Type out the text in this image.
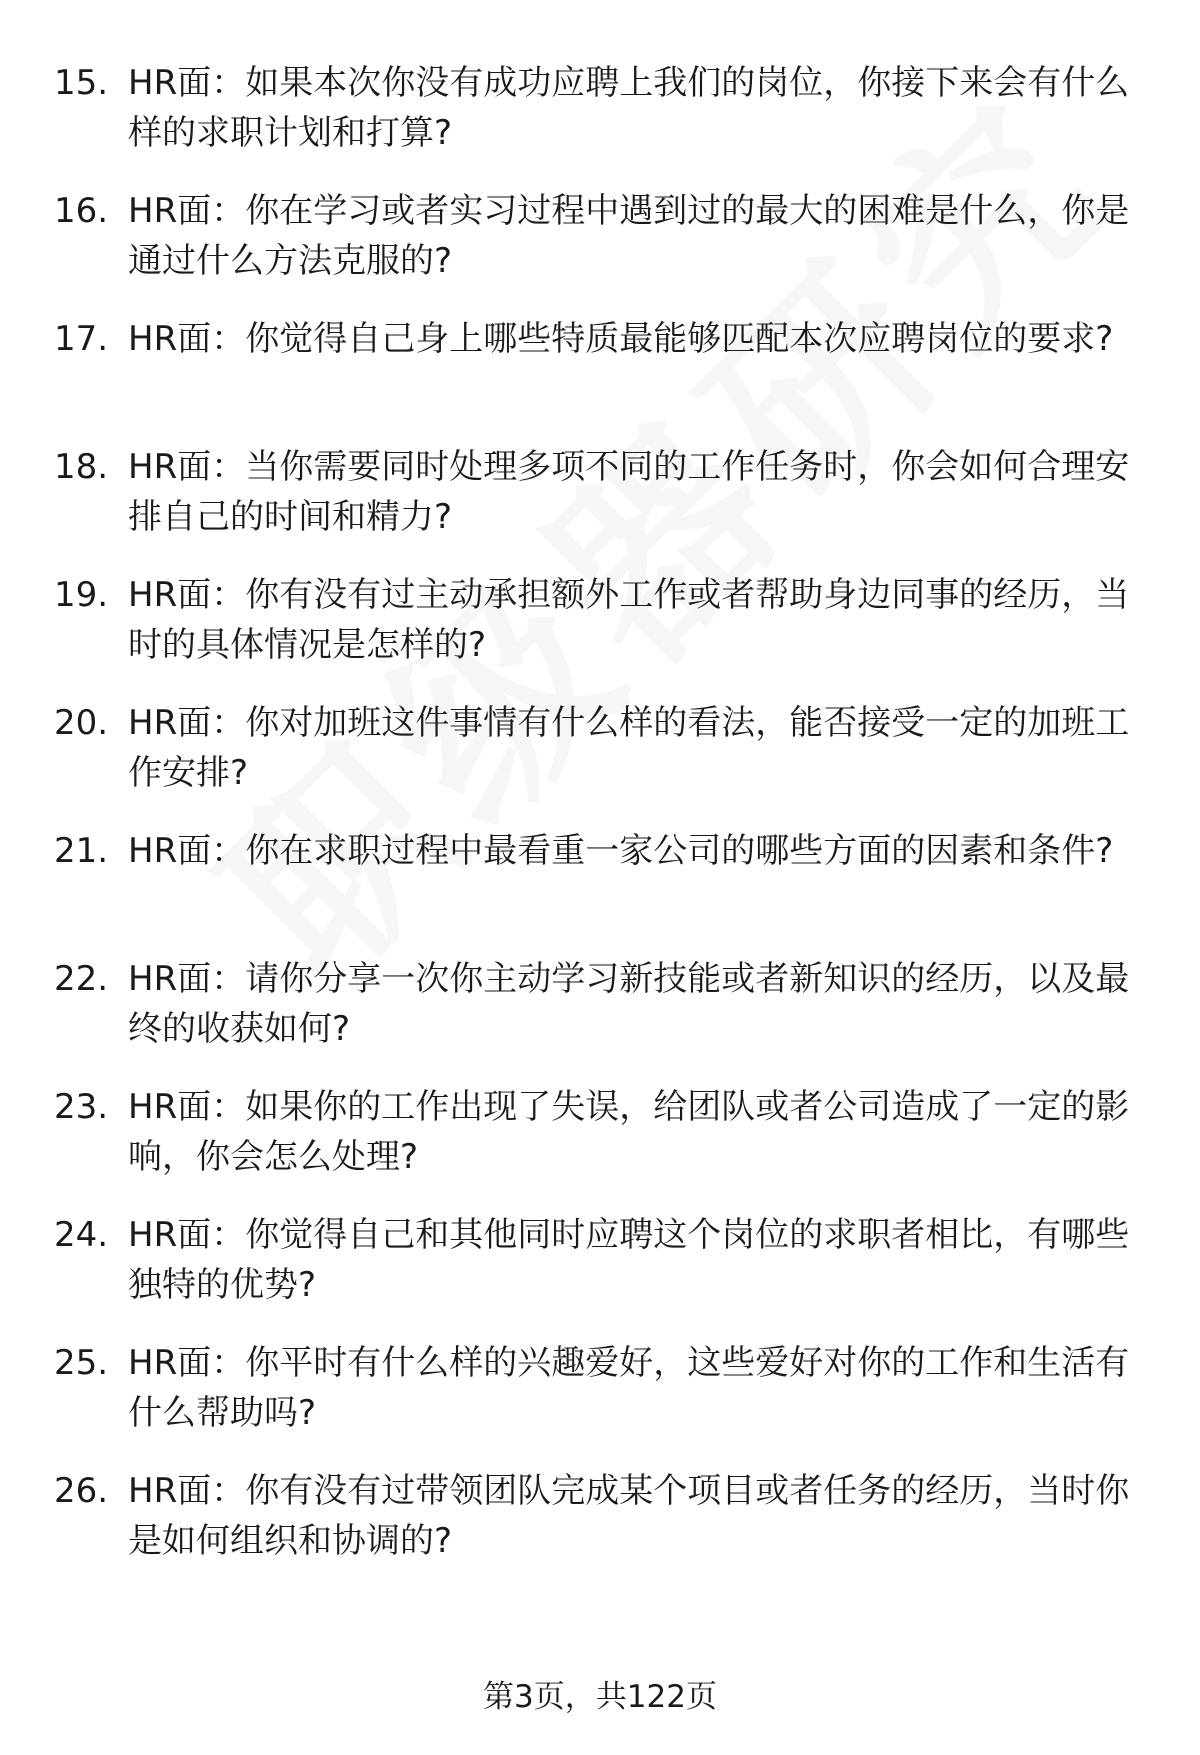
15. HR面：如果本次你没有成功应聘上我们的岗位，你接下来会有什么样的求职计划和打算?
16. HR面：你在学习或者实习过程中遇到过的最大的困难是什么，你是通过什么方法克服的?
17. HR面：你觉得自己身上哪些特质最能够匹配本次应聘岗位的要求?
18. HR面：当你需要同时处理多项不同的工作任务时，你会如何合理安排自己的时间和精力?
19. HR面：你有没有过主动承担额外工作或者帮助身边同事的经历，当时的具体情况是怎样的?
20. HR面：你对加班这件事情有什么样的看法，能否接受一定的加班工作安排?
21. HR面：你在求职过程中最看重一家公司的哪些方面的因素和条件?
22. HR面：请你分享一次你主动学习新技能或者新知识的经历，以及最终的收获如何?
23. HR面：如果你的工作出现了失误，给团队或者公司造成了一定的影响，你会怎么处理?
24. HR面：你觉得自己和其他同时应聘这个岗位的求职者相比，有哪些独特的优势?
25. HR面：你平时有什么样的兴趣爱好，这些爱好对你的工作和生活有什么帮助吗?
26. HR面：你有没有过带领团队完成某个项目或者任务的经历，当时你是如何组织和协调的?
第3页，共122页
